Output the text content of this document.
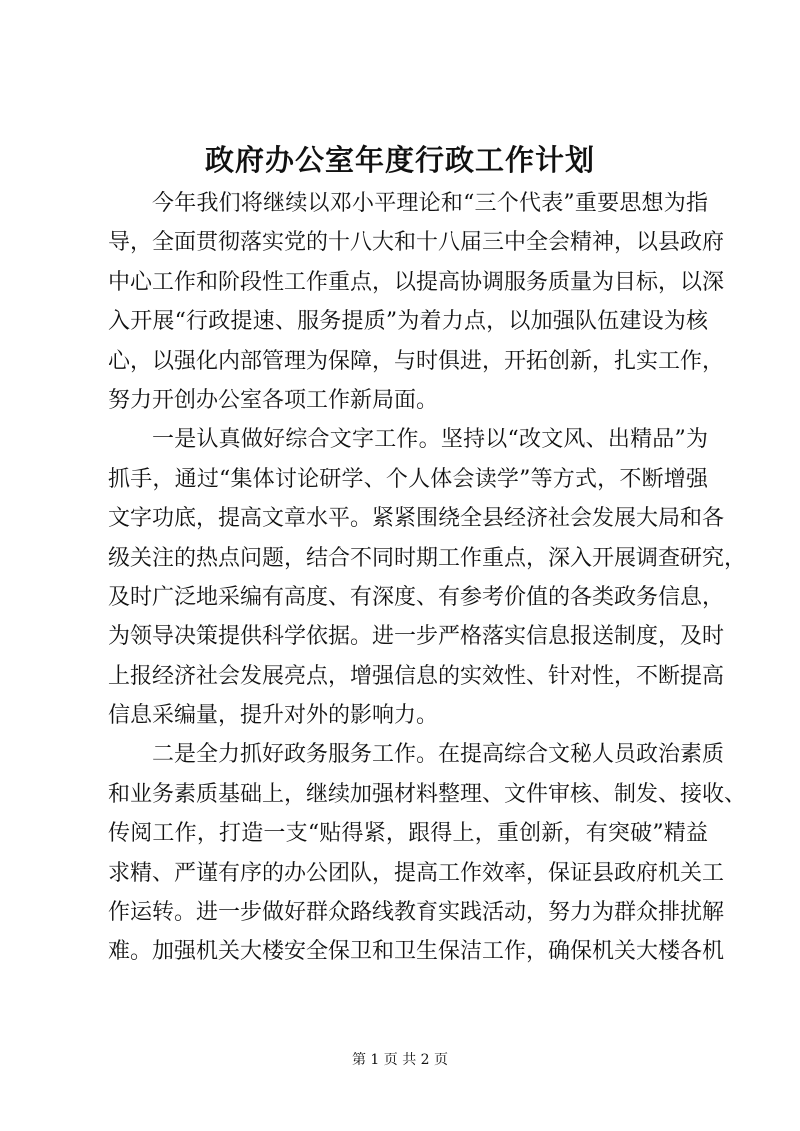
政府办公室年度行政工作计划
今年我们将继续以邓小平理论和“三个代表”重要思想为指
导，全面贯彻落实党的十八大和十八届三中全会精神，以县政府
中心工作和阶段性工作重点，以提高协调服务质量为目标，以深
入开展“行政提速、服务提质”为着力点，以加强队伍建设为核
心，以强化内部管理为保障，与时俱进，开拓创新，扎实工作，
努力开创办公室各项工作新局面。
一是认真做好综合文字工作。坚持以“改文风、出精品”为
抓手，通过“集体讨论研学、个人体会读学”等方式，不断增强
文字功底，提高文章水平。紧紧围绕全县经济社会发展大局和各
级关注的热点问题，结合不同时期工作重点，深入开展调查研究，
及时广泛地采编有高度、有深度、有参考价值的各类政务信息，
为领导决策提供科学依据。进一步严格落实信息报送制度，及时
上报经济社会发展亮点，增强信息的实效性、针对性，不断提高
信息采编量，提升对外的影响力。
二是全力抓好政务服务工作。在提高综合文秘人员政治素质
和业务素质基础上，继续加强材料整理、文件审核、制发、接收、
传阅工作，打造一支“贴得紧，跟得上，重创新，有突破”精益
求精、严谨有序的办公团队，提高工作效率，保证县政府机关工
作运转。进一步做好群众路线教育实践活动，努力为群众排扰解
难。加强机关大楼安全保卫和卫生保洁工作，确保机关大楼各机
第 1 页 共 2 页
